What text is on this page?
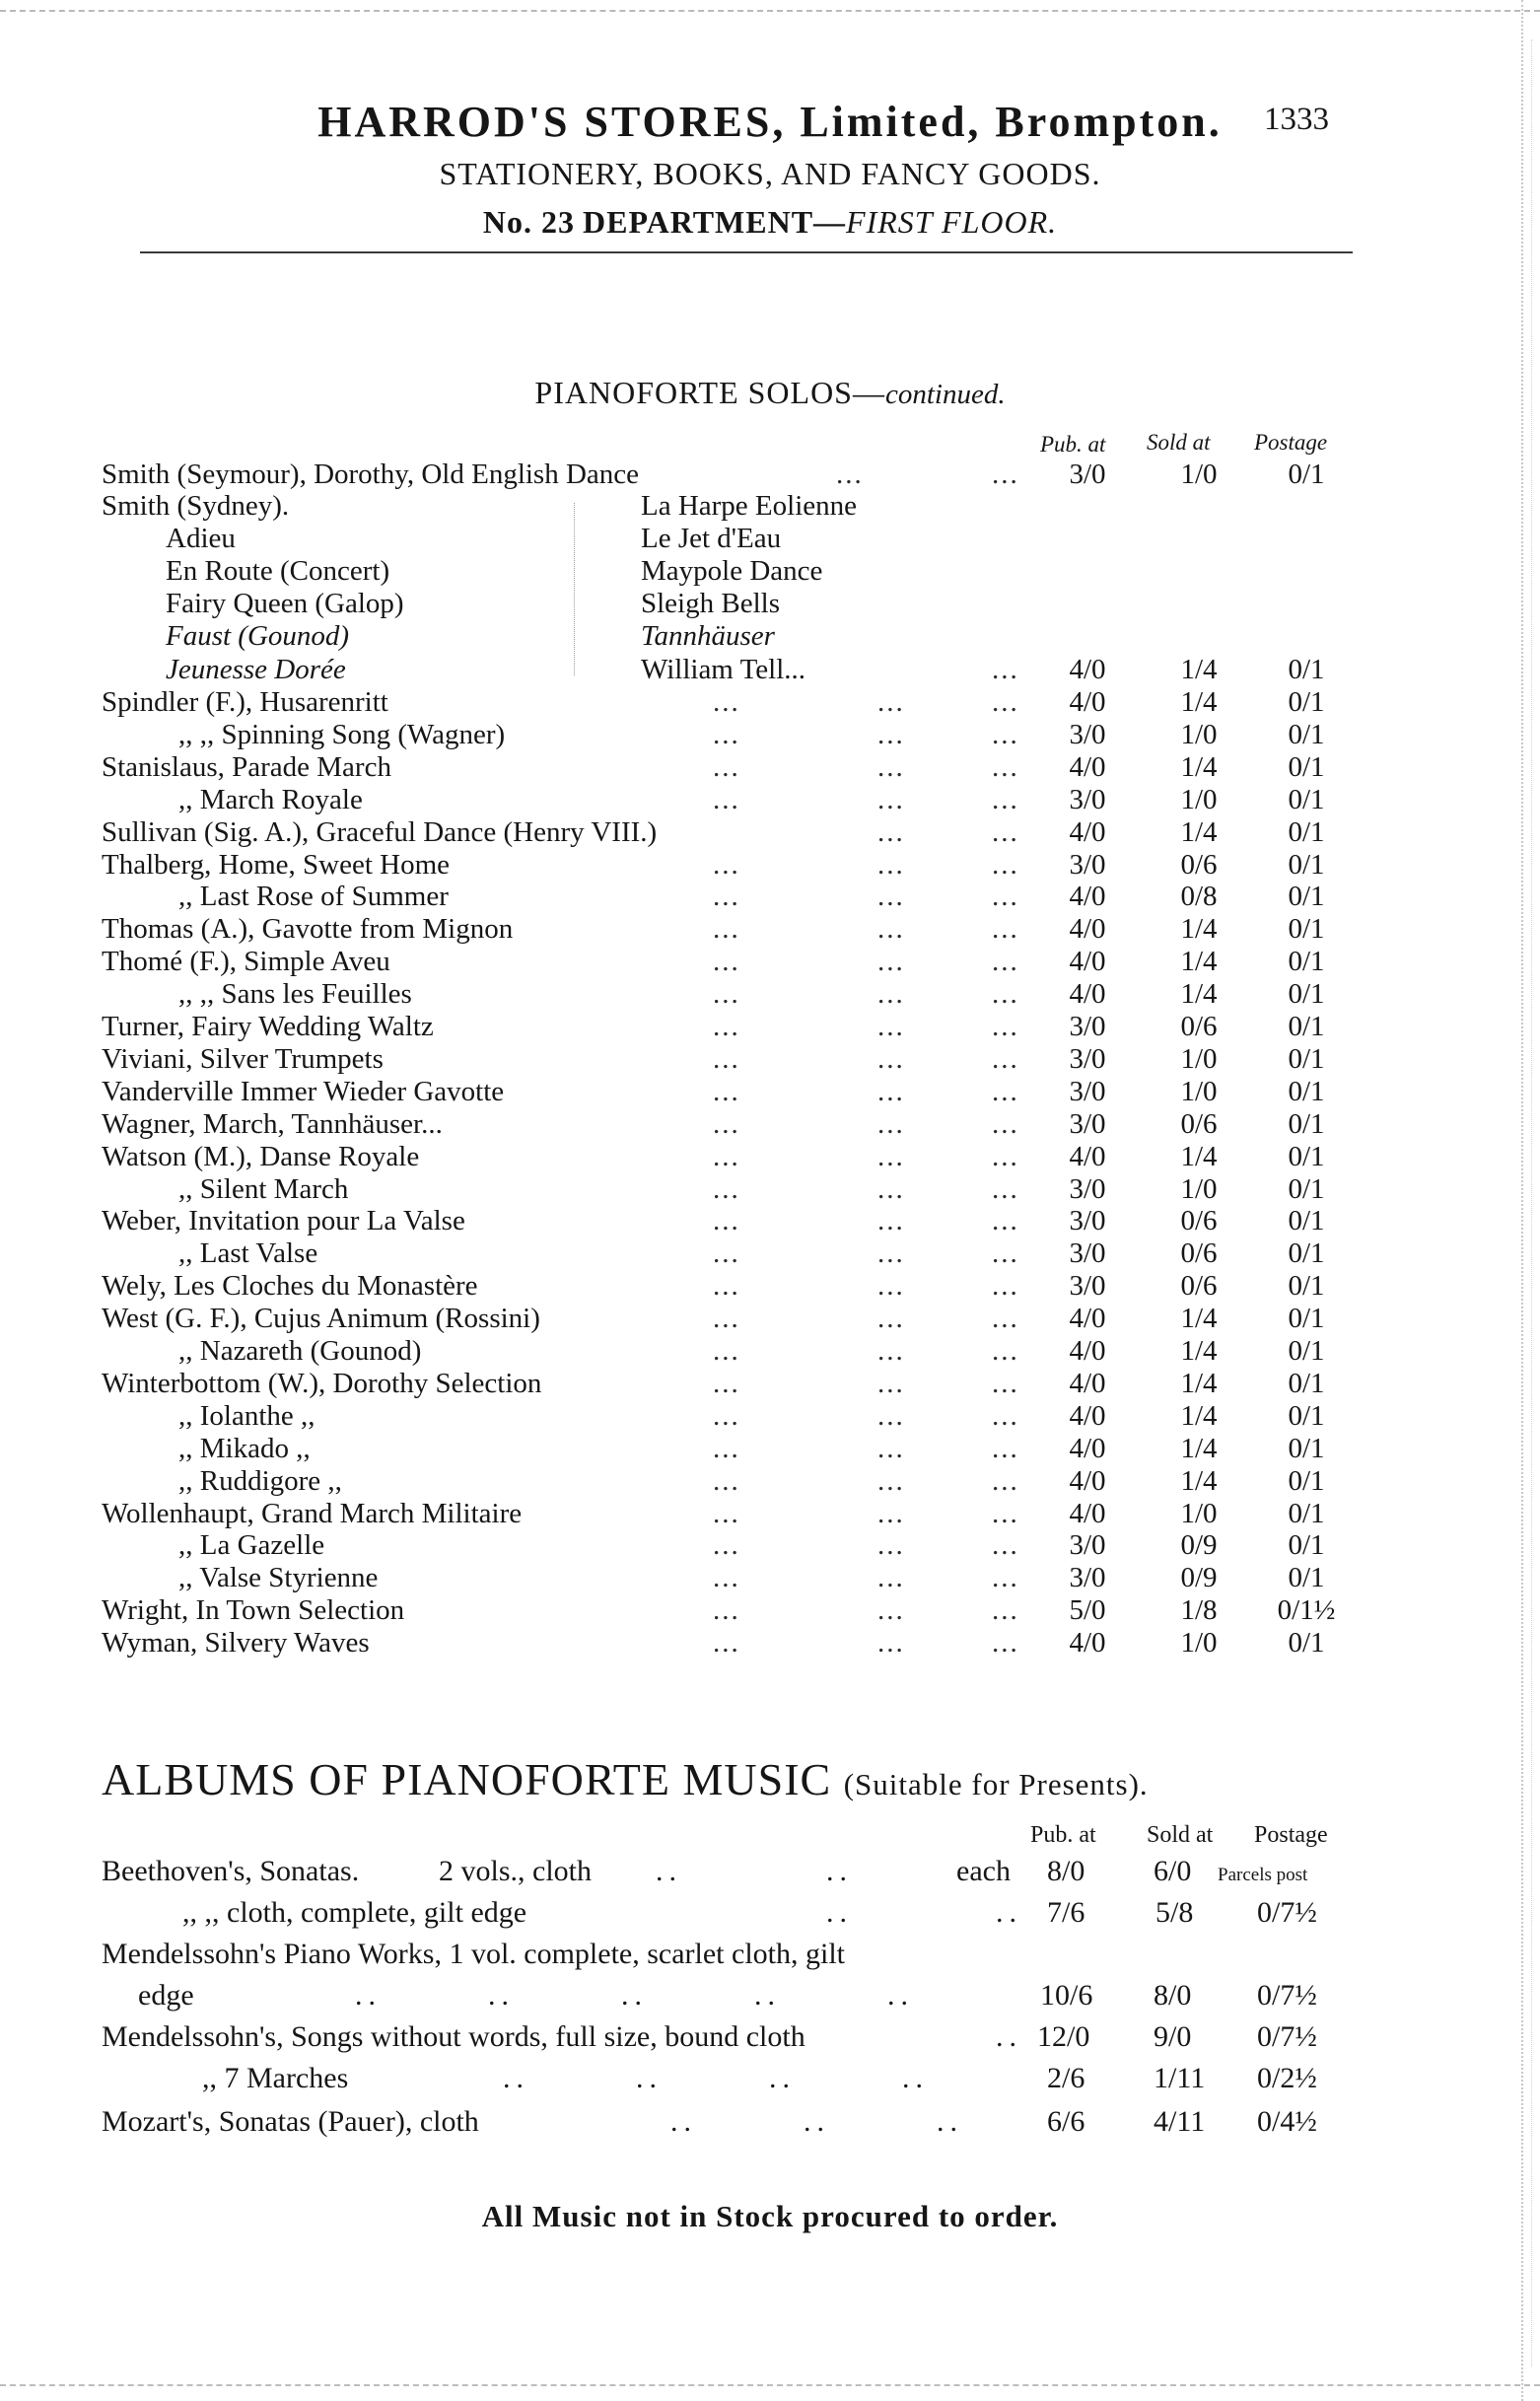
HARROD'S STORES, Limited, Brompton.	1333
STATIONERY, BOOKS, AND FANCY GOODS.
No. 23 DEPARTMENT—FIRST FLOOR.
PIANOFORTE SOLOS—continued.
Pub. at Sold at Postage
Smith (Seymour), Dorothy, Old English Dance	...	...	3/0	1/0	0/1
Smith (Sydney).	La Harpe Eolienne
Adieu	Le Jet d'Eau
En Route (Concert)	Maypole Dance
Fairy Queen (Galop)	Sleigh Bells
Faust (Gounod)	Tannhäuser
Jeunesse Dorée	William Tell...	...	4/0	1/4	0/1
Spindler (F.), Husarenritt	...	...	...	4/0	1/4	0/1
,, ,, Spinning Song (Wagner)	...	...	...	3/0	1/0	0/1
Stanislaus, Parade March	...	...	...	4/0	1/4	0/1
,, March Royale	...	...	...	3/0	1/0	0/1
Sullivan (Sig. A.), Graceful Dance (Henry VIII.)	...	...	4/0	1/4	0/1
Thalberg, Home, Sweet Home	...	...	...	3/0	0/6	0/1
,, Last Rose of Summer	...	...	...	4/0	0/8	0/1
Thomas (A.), Gavotte from Mignon	...	...	...	4/0	1/4	0/1
Thomé (F.), Simple Aveu	...	...	...	4/0	1/4	0/1
,, ,, Sans les Feuilles	...	...	...	4/0	1/4	0/1
Turner, Fairy Wedding Waltz	...	...	...	3/0	0/6	0/1
Viviani, Silver Trumpets	...	...	...	3/0	1/0	0/1
Vanderville Immer Wieder Gavotte	...	...	...	3/0	1/0	0/1
Wagner, March, Tannhäuser...	...	...	...	3/0	0/6	0/1
Watson (M.), Danse Royale	...	...	...	4/0	1/4	0/1
,, Silent March	...	...	...	3/0	1/0	0/1
Weber, Invitation pour La Valse	...	...	...	3/0	0/6	0/1
,, Last Valse	...	...	...	3/0	0/6	0/1
Wely, Les Cloches du Monastère	...	...	...	3/0	0/6	0/1
West (G. F.), Cujus Animum (Rossini)	...	...	...	4/0	1/4	0/1
,, Nazareth (Gounod)	...	...	...	4/0	1/4	0/1
Winterbottom (W.), Dorothy Selection	...	...	...	4/0	1/4	0/1
,, Iolanthe ,,	...	...	...	4/0	1/4	0/1
,, Mikado ,,	...	...	...	4/0	1/4	0/1
,, Ruddigore ,,	...	...	...	4/0	1/4	0/1
Wollenhaupt, Grand March Militaire	...	...	...	4/0	1/0	0/1
,, La Gazelle	...	...	...	3/0	0/9	0/1
,, Valse Styrienne	...	...	...	3/0	0/9	0/1
Wright, In Town Selection	...	...	...	5/0	1/8	0/1½
Wyman, Silvery Waves	...	...	...	4/0	1/0	0/1
ALBUMS OF PIANOFORTE MUSIC (Suitable for Presents).
Pub. at Sold at Postage
Beethoven's, Sonatas.	2 vols., cloth ..	..	each 8/0 6/0 Parcels post
,, ,, cloth, complete, gilt edge	..	.. 7/6 5/8 0/7½
Mendelssohn's Piano Works, 1 vol. complete, scarlet cloth, gilt
edge	..        ..        ..        ..        ..	10/6 8/0 0/7½
Mendelssohn's, Songs without words, full size, bound cloth	.. 12/0 9/0 0/7½
,, 7 Marches	..        ..        ..        ..	2/6 1/11 0/2½
Mozart's, Sonatas (Pauer), cloth	..        ..        ..	6/6 4/11 0/4½
All Music not in Stock procured to order.
